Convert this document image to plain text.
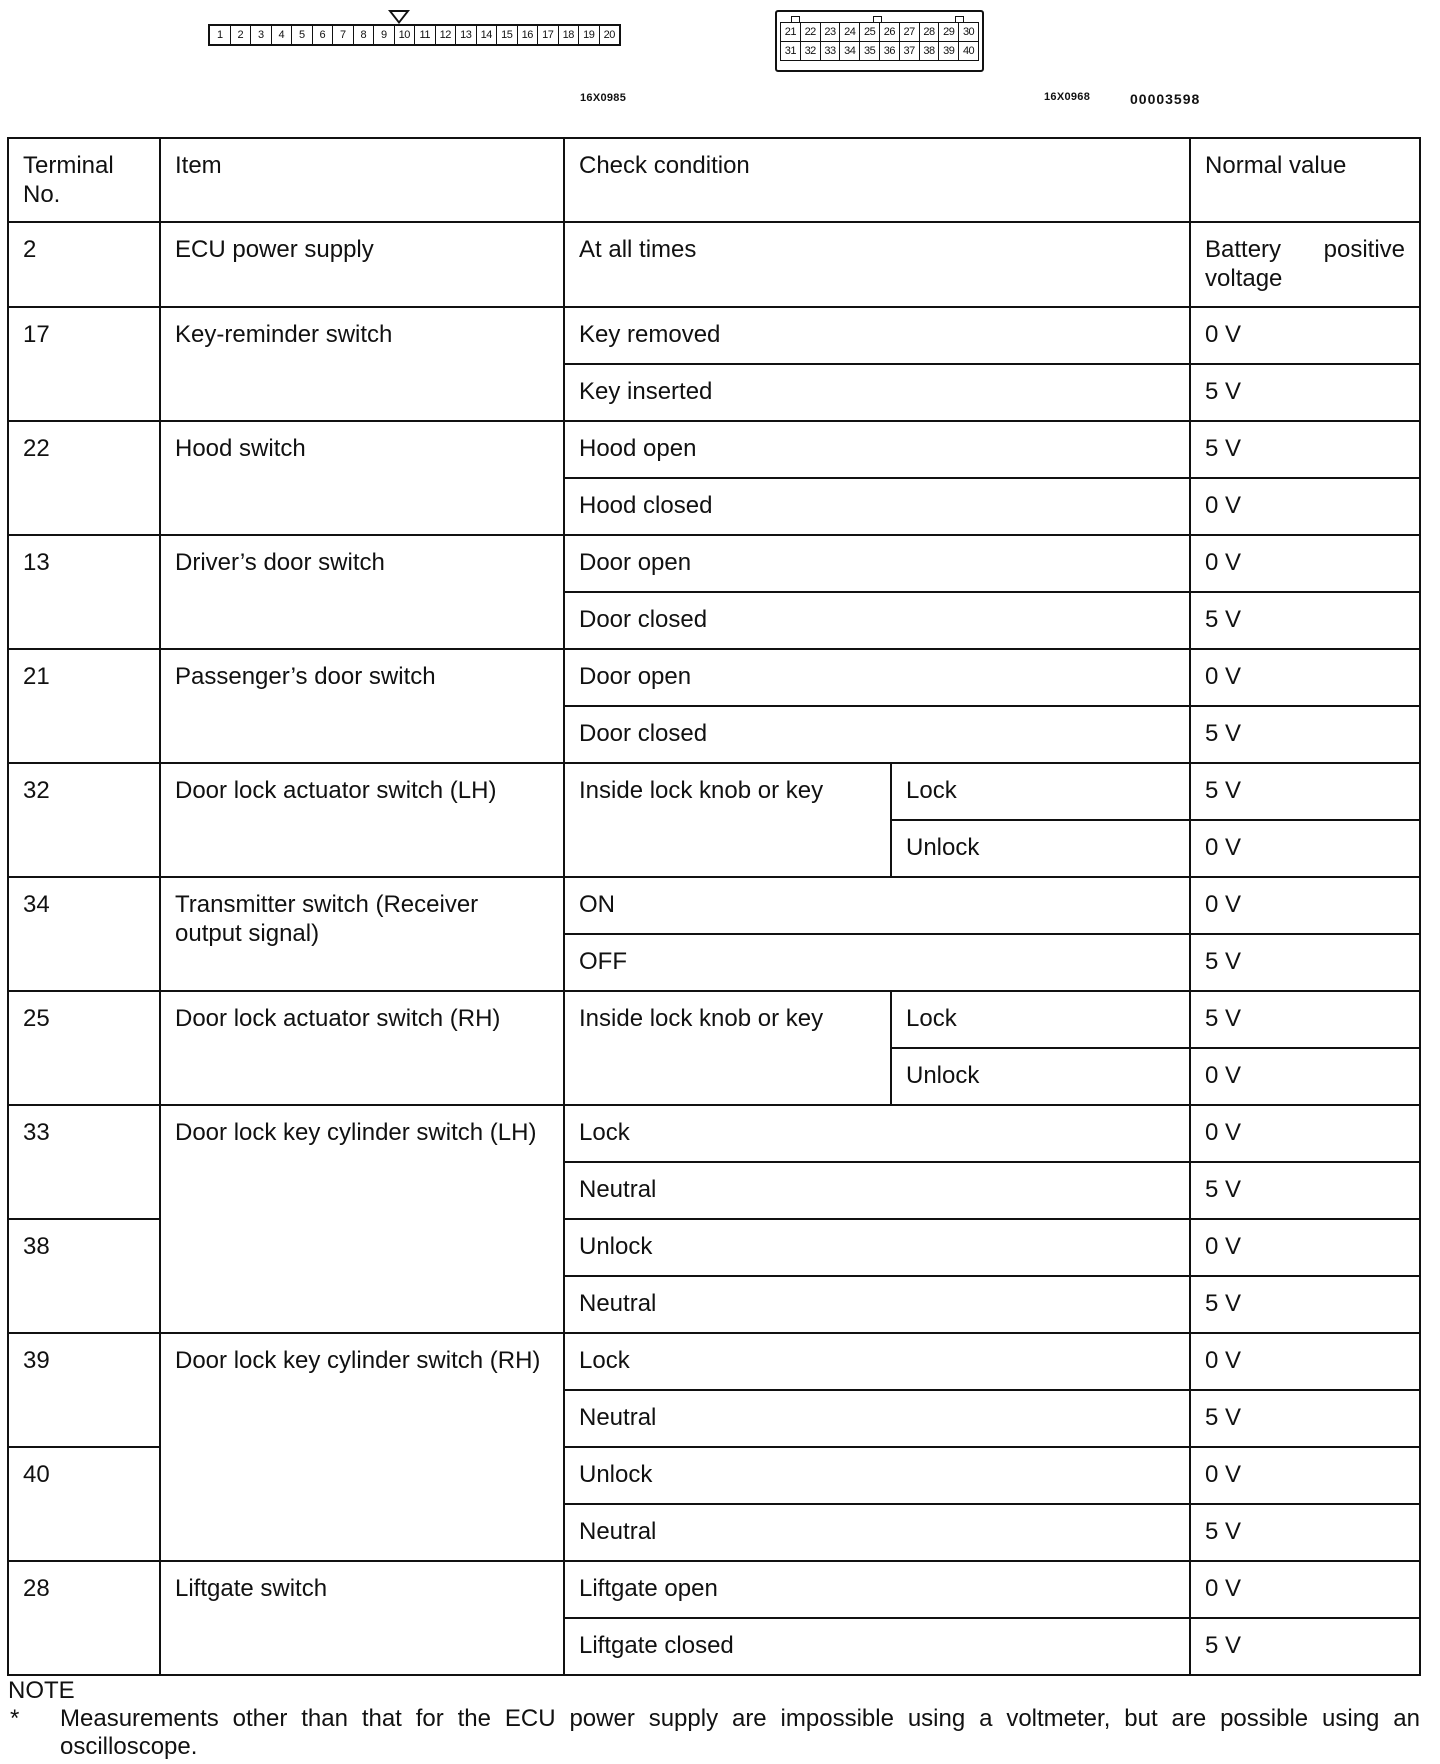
1	2	3	4	5	6	7	8	9	10 11 12 13 14 15 16 17 18 19 20	21 22 23 24 25 26 27 28 29 30
31 32 33 34 35 36 37 38 39 40
16X0985	16X0968	00003598
Terminal No.	Item	Check condition		Normal value
2	ECU power supply	At all times		Battery positive voltage
17	Key-reminder switch	Key removed		0 V
		Key inserted		5 V
22	Hood switch	Hood open		5 V
		Hood closed		0 V
13	Driver’s door switch	Door open		0 V
		Door closed		5 V
21	Passenger’s door switch	Door open		0 V
		Door closed		5 V
32	Door lock actuator switch (LH)	Inside lock knob or key	Lock	5 V
			Unlock	0 V
34	Transmitter switch (Receiver output signal)	ON		0 V
		OFF		5 V
25	Door lock actuator switch (RH)	Inside lock knob or key	Lock	5 V
			Unlock	0 V
33	Door lock key cylinder switch (LH)	Lock		0 V
		Neutral		5 V
38		Unlock		0 V
		Neutral		5 V
39	Door lock key cylinder switch (RH)	Lock		0 V
		Neutral		5 V
40		Unlock		0 V
		Neutral		5 V
28	Liftgate switch	Liftgate open		0 V
		Liftgate closed		5 V
NOTE
*	Measurements other than that for the ECU power supply are impossible using a voltmeter, but are possible using an oscilloscope.
